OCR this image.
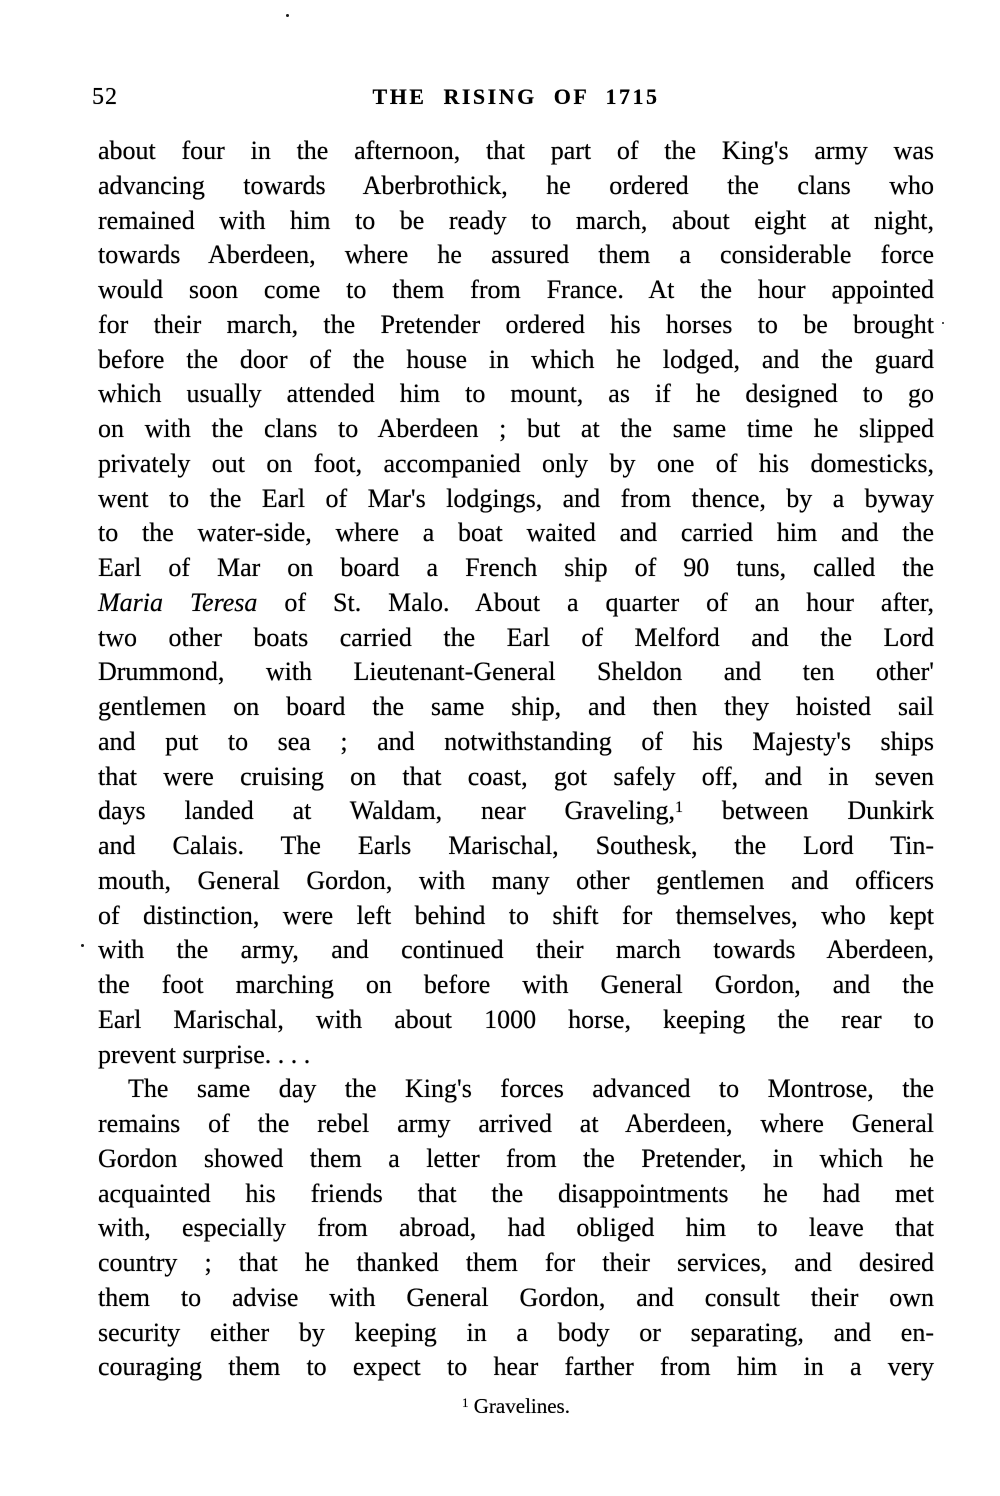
52	THE RISING OF 1715
about four in the afternoon, that part of the King's army was
advancing towards Aberbrothick, he ordered the clans who
remained with him to be ready to march, about eight at night,
towards Aberdeen, where he assured them a considerable force
would soon come to them from France. At the hour appointed
for their march, the Pretender ordered his horses to be brought
before the door of the house in which he lodged, and the guard
which usually attended him to mount, as if he designed to go
on with the clans to Aberdeen ; but at the same time he slipped
privately out on foot, accompanied only by one of his domesticks,
went to the Earl of Mar's lodgings, and from thence, by a byway
to the water-side, where a boat waited and carried him and the
Earl of Mar on board a French ship of 90 tuns, called the
Maria Teresa of St. Malo. About a quarter of an hour after,
two other boats carried the Earl of Melford and the Lord
Drummond, with Lieutenant-General Sheldon and ten other'
gentlemen on board the same ship, and then they hoisted sail
and put to sea ; and notwithstanding of his Majesty's ships
that were cruising on that coast, got safely off, and in seven
days landed at Waldam, near Graveling,$^1$ between Dunkirk
and Calais. The Earls Marischal, Southesk, the Lord Tin-
mouth, General Gordon, with many other gentlemen and officers
of distinction, were left behind to shift for themselves, who kept
with the army, and continued their march towards Aberdeen,
the foot marching on before with General Gordon, and the
Earl Marischal, with about 1000 horse, keeping the rear to
prevent surprise. . . .
The same day the King's forces advanced to Montrose, the
remains of the rebel army arrived at Aberdeen, where General
Gordon showed them a letter from the Pretender, in which he
acquainted his friends that the disappointments he had met
with, especially from abroad, had obliged him to leave that
country ; that he thanked them for their services, and desired
them to advise with General Gordon, and consult their own
security either by keeping in a body or separating, and en-
couraging them to expect to hear farther from him in a very
$^1$ Gravelines.
